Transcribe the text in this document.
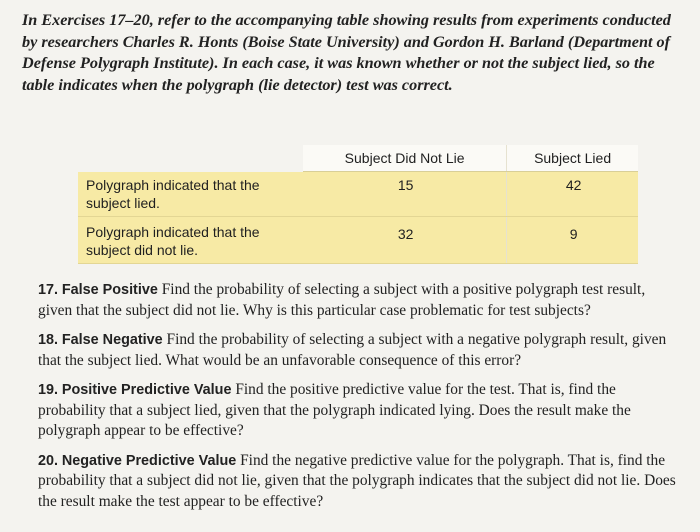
In Exercises 17–20, refer to the accompanying table showing results from experiments conducted by researchers Charles R. Honts (Boise State University) and Gordon H. Barland (Department of Defense Polygraph Institute). In each case, it was known whether or not the subject lied, so the table indicates when the polygraph (lie detector) test was correct.
	Subject Did Not Lie	Subject Lied
Polygraph indicated that the subject lied.	15	42
Polygraph indicated that the subject did not lie.	32	9
17. False Positive Find the probability of selecting a subject with a positive polygraph test result, given that the subject did not lie. Why is this particular case problematic for test subjects?
18. False Negative Find the probability of selecting a subject with a negative polygraph result, given that the subject lied. What would be an unfavorable consequence of this error?
19. Positive Predictive Value Find the positive predictive value for the test. That is, find the probability that a subject lied, given that the polygraph indicated lying. Does the result make the polygraph appear to be effective?
20. Negative Predictive Value Find the negative predictive value for the polygraph. That is, find the probability that a subject did not lie, given that the polygraph indicates that the subject did not lie. Does the result make the test appear to be effective?
